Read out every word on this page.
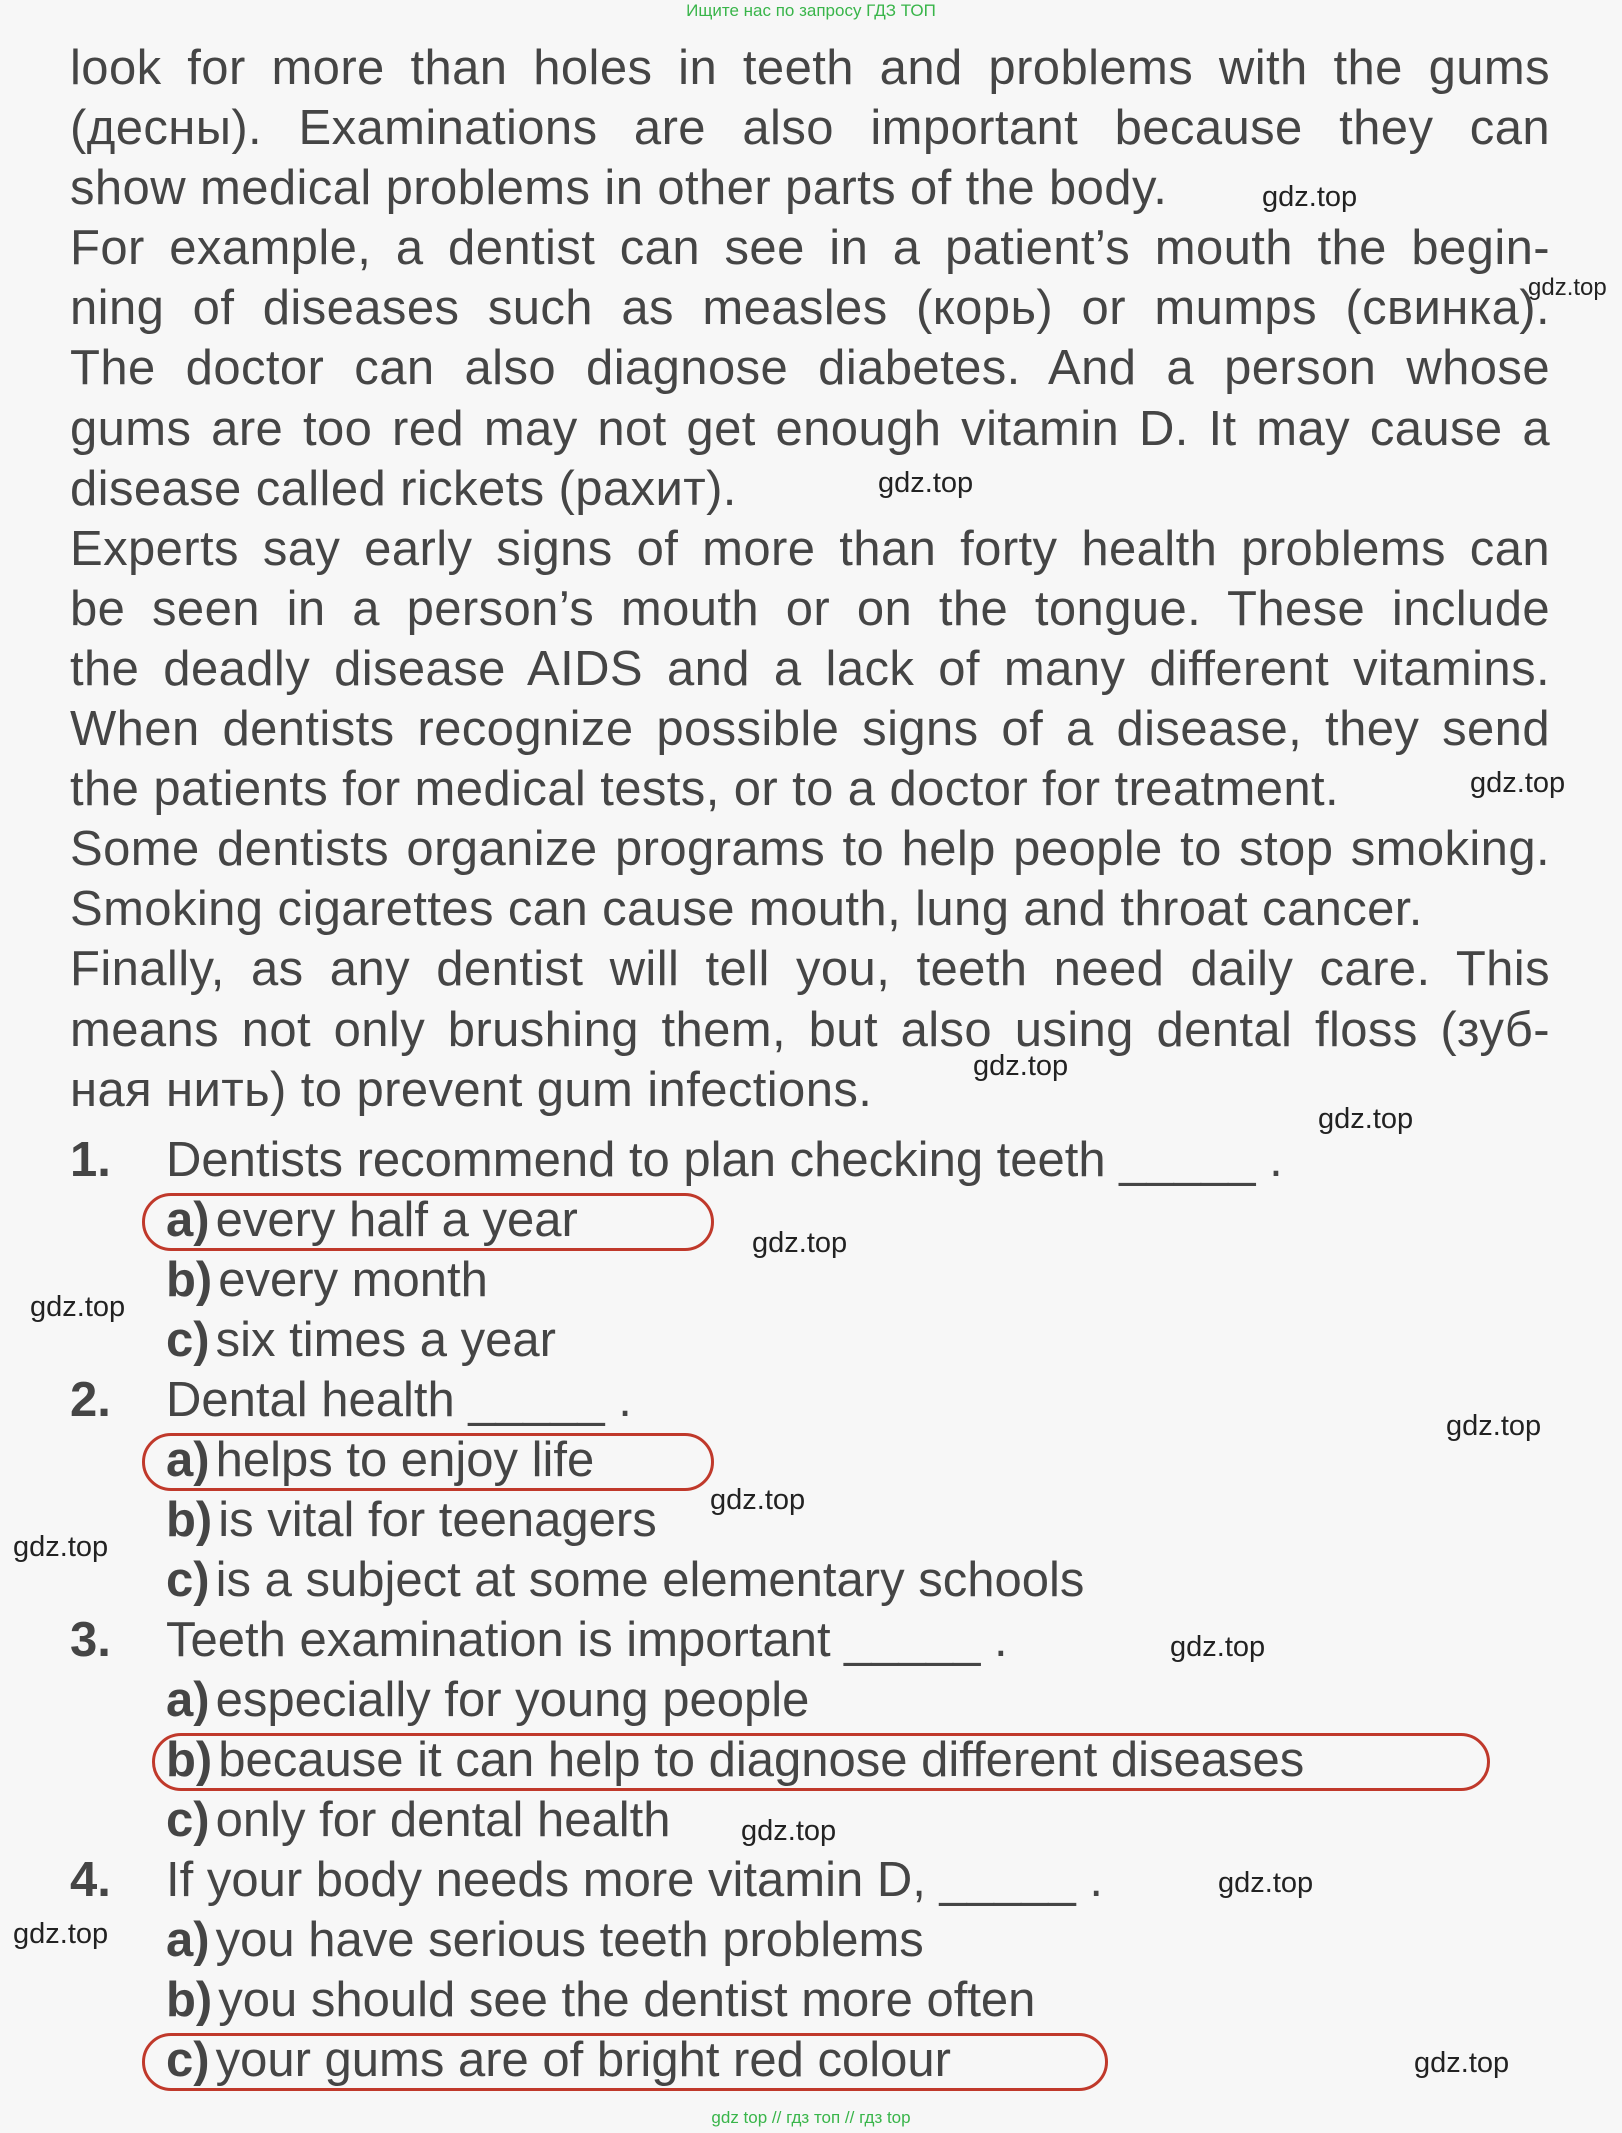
Ищите нас по запросу ГДЗ ТОП
look for more than holes in teeth and problems with the gums
(десны). Examinations are also important because they can
show medical problems in other parts of the body.
For example, a dentist can see in a patient’s mouth the begin-
ning of diseases such as measles (корь) or mumps (свинка).
The doctor can also diagnose diabetes. And a person whose
gums are too red may not get enough vitamin D. It may cause a
disease called rickets (рахит).
Experts say early signs of more than forty health problems can
be seen in a person’s mouth or on the tongue. These include
the deadly disease AIDS and a lack of many different vitamins.
When dentists recognize possible signs of a disease, they send
the patients for medical tests, or to a doctor for treatment.
Some dentists organize programs to help people to stop smoking.
Smoking cigarettes can cause mouth, lung and throat cancer.
Finally, as any dentist will tell you, teeth need daily care. This
means not only brushing them, but also using dental floss (зуб-
ная нить) to prevent gum infections.
1. Dentists recommend to plan checking teeth _____ .
a) every half a year
b) every month
c) six times a year
2. Dental health _____ .
a) helps to enjoy life
b) is vital for teenagers
c) is a subject at some elementary schools
3. Teeth examination is important _____ .
a) especially for young people
b) because it can help to diagnose different diseases
c) only for dental health
4. If your body needs more vitamin D, _____ .
a) you have serious teeth problems
b) you should see the dentist more often
c) your gums are of bright red colour
gdz.top
gdz.top
gdz.top
gdz.top
gdz.top
gdz.top
gdz.top
gdz.top
gdz.top
gdz.top
gdz.top
gdz.top
gdz.top
gdz.top
gdz.top
gdz.top
gdz top // гдз топ // гдз top
